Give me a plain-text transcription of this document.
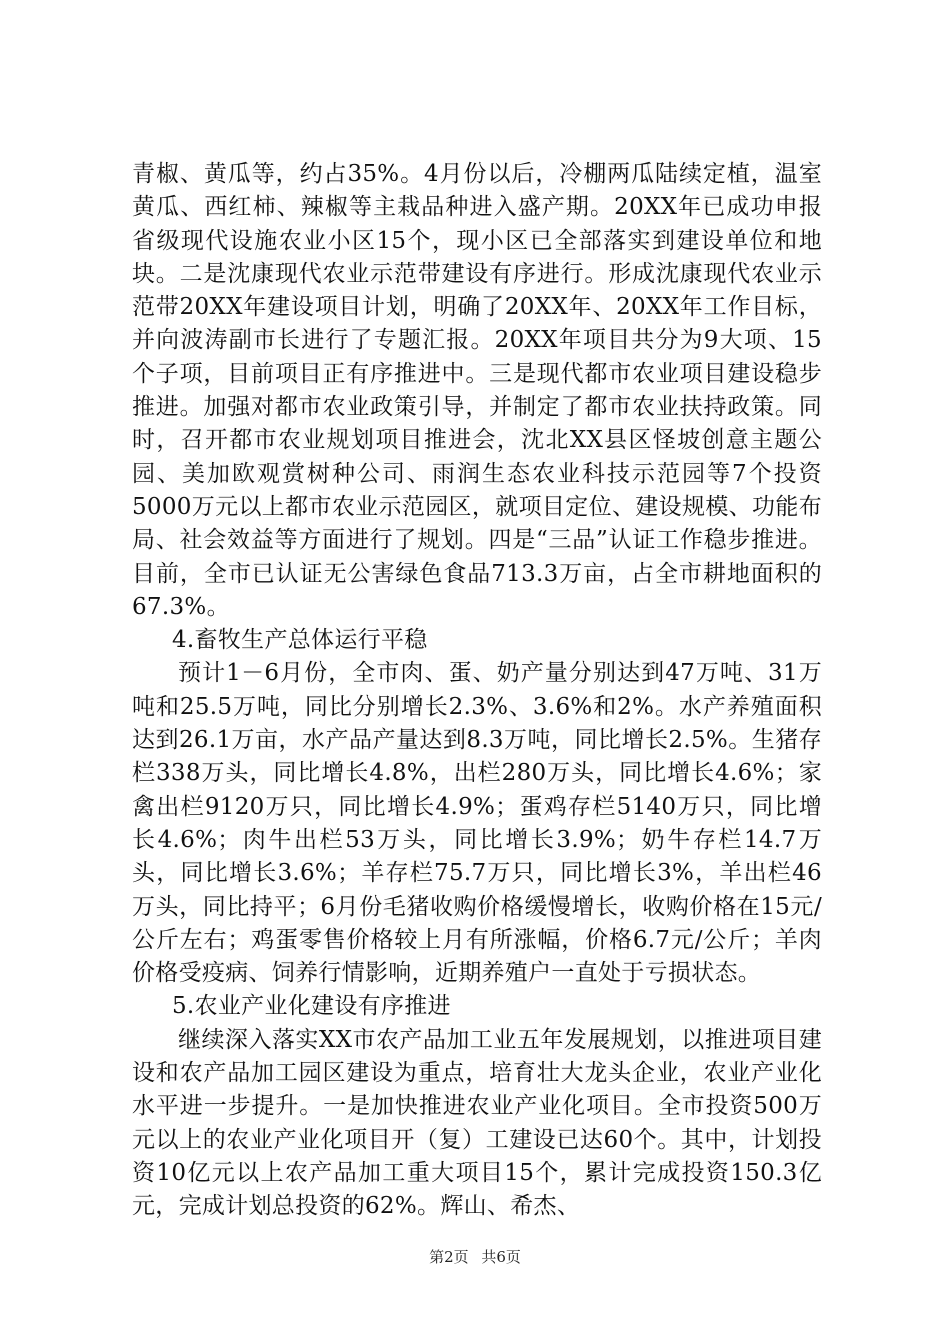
青椒、黄瓜等，约占35%。4月份以后，冷棚两瓜陆续定植，温室黄瓜、西红柿、辣椒等主栽品种进入盛产期。20XX年已成功申报省级现代设施农业小区15个，现小区已全部落实到建设单位和地块。二是沈康现代农业示范带建设有序进行。形成沈康现代农业示范带20XX年建设项目计划，明确了20XX年、20XX年工作目标，并向波涛副市长进行了专题汇报。20XX年项目共分为9大项、15个子项，目前项目正有序推进中。三是现代都市农业项目建设稳步推进。加强对都市农业政策引导，并制定了都市农业扶持政策。同时，召开都市农业规划项目推进会，沈北XX县区怪坡创意主题公园、美加欧观赏树种公司、雨润生态农业科技示范园等7个投资5000万元以上都市农业示范园区，就项目定位、建设规模、功能布局、社会效益等方面进行了规划。四是“三品”认证工作稳步推进。目前，全市已认证无公害绿色食品713.3万亩，占全市耕地面积的67.3%。

4.畜牧生产总体运行平稳

预计1－6月份，全市肉、蛋、奶产量分别达到47万吨、31万吨和25.5万吨，同比分别增长2.3%、3.6%和2%。水产养殖面积达到26.1万亩，水产品产量达到8.3万吨，同比增长2.5%。生猪存栏338万头，同比增长4.8%，出栏280万头，同比增长4.6%；家禽出栏9120万只，同比增长4.9%；蛋鸡存栏5140万只，同比增长4.6%；肉牛出栏53万头，同比增长3.9%；奶牛存栏14.7万头，同比增长3.6%；羊存栏75.7万只，同比增长3%，羊出栏46万头，同比持平；6月份毛猪收购价格缓慢增长，收购价格在15元/公斤左右；鸡蛋零售价格较上月有所涨幅，价格6.7元/公斤；羊肉价格受疫病、饲养行情影响，近期养殖户一直处于亏损状态。

5.农业产业化建设有序推进

继续深入落实XX市农产品加工业五年发展规划，以推进项目建设和农产品加工园区建设为重点，培育壮大龙头企业，农业产业化水平进一步提升。一是加快推进农业产业化项目。全市投资500万元以上的农业产业化项目开（复）工建设已达60个。其中，计划投资10亿元以上农产品加工重大项目15个，累计完成投资150.3亿元，完成计划总投资的62%。辉山、希杰、

第2页 共6页
